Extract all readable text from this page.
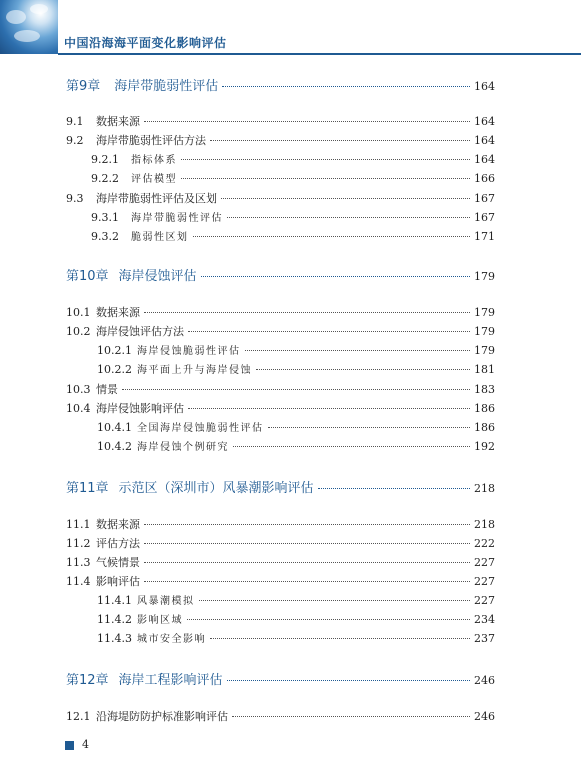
中国沿海海平面变化影响评估
第9章 海岸带脆弱性评估	164
9.1	数据来源	164
9.2	海岸带脆弱性评估方法	164
9.2.1	指标体系	164
9.2.2	评估模型	166
9.3	海岸带脆弱性评估及区划	167
9.3.1	海岸带脆弱性评估	167
9.3.2	脆弱性区划	171
第10章 海岸侵蚀评估	179
10.1 数据来源	179
10.2 海岸侵蚀评估方法	179
10.2.1 海岸侵蚀脆弱性评估	179
10.2.2 海平面上升与海岸侵蚀	181
10.3 情景	183
10.4 海岸侵蚀影响评估	186
10.4.1 全国海岸侵蚀脆弱性评估	186
10.4.2 海岸侵蚀个例研究	192
第11章 示范区（深圳市）风暴潮影响评估	218
11.1 数据来源	218
11.2 评估方法	222
11.3 气候情景	227
11.4 影响评估	227
11.4.1 风暴潮模拟	227
11.4.2 影响区域	234
11.4.3 城市安全影响	237
第12章 海岸工程影响评估	246
12.1 沿海堤防防护标准影响评估	246
4
